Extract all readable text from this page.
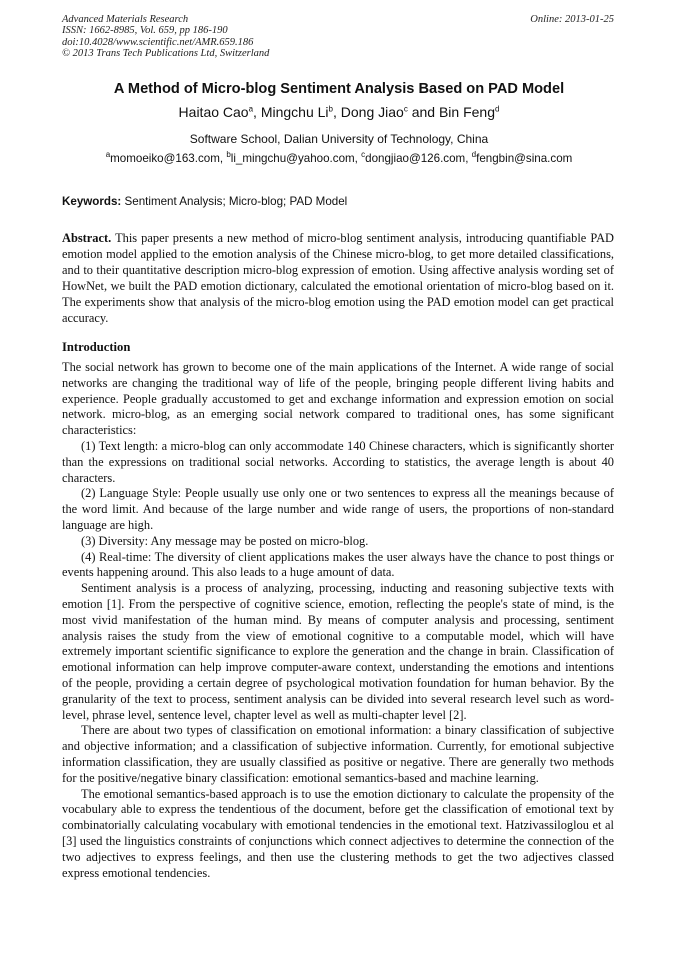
Advanced Materials Research
ISSN: 1662-8985, Vol. 659, pp 186-190
doi:10.4028/www.scientific.net/AMR.659.186
© 2013 Trans Tech Publications Ltd, Switzerland
Online: 2013-01-25
A Method of Micro-blog Sentiment Analysis Based on PAD Model
Haitao Cao$^a$, Mingchu Li$^b$, Dong Jiao$^c$ and Bin Feng$^d$
Software School, Dalian University of Technology, China
$^a$momoeiko@163.com, $^b$li_mingchu@yahoo.com, $^c$dongjiao@126.com, $^d$fengbin@sina.com
Keywords: Sentiment Analysis; Micro-blog; PAD Model
Abstract. This paper presents a new method of micro-blog sentiment analysis, introducing quantifiable PAD emotion model applied to the emotion analysis of the Chinese micro-blog, to get more detailed classifications, and to their quantitative description micro-blog expression of emotion. Using affective analysis wording set of HowNet, we built the PAD emotion dictionary, calculated the emotional orientation of micro-blog based on it. The experiments show that analysis of the micro-blog emotion using the PAD emotion model can get practical accuracy.
Introduction

The social network has grown to become one of the main applications of the Internet. A wide range of social networks are changing the traditional way of life of the people, bringing people different living habits and experience. People gradually accustomed to get and exchange information and expression emotion on social network. micro-blog, as an emerging social network compared to traditional ones, has some significant characteristics:

(1) Text length: a micro-blog can only accommodate 140 Chinese characters, which is significantly shorter than the expressions on traditional social networks. According to statistics, the average length is about 40 characters.

(2) Language Style: People usually use only one or two sentences to express all the meanings because of the word limit. And because of the large number and wide range of users, the proportions of non-standard language are high.

(3) Diversity: Any message may be posted on micro-blog.

(4) Real-time: The diversity of client applications makes the user always have the chance to post things or events happening around. This also leads to a huge amount of data.

Sentiment analysis is a process of analyzing, processing, inducting and reasoning subjective texts with emotion [1]. From the perspective of cognitive science, emotion, reflecting the people's state of mind, is the most vivid manifestation of the human mind. By means of computer analysis and processing, sentiment analysis raises the study from the view of emotional cognitive to a computable model, which will have extremely important scientific significance to explore the generation and the change in brain. Classification of emotional information can help improve computer-aware context, understanding the emotions and intentions of the people, providing a certain degree of psychological motivation foundation for human behavior. By the granularity of the text to process, sentiment analysis can be divided into several research level such as word-level, phrase level, sentence level, chapter level as well as multi-chapter level [2].

There are about two types of classification on emotional information: a binary classification of subjective and objective information; and a classification of subjective information. Currently, for emotional subjective information classification, they are usually classified as positive or negative. There are generally two methods for the positive/negative binary classification: emotional semantics-based and machine learning.

The emotional semantics-based approach is to use the emotion dictionary to calculate the propensity of the vocabulary able to express the tendentious of the document, before get the classification of emotional text by combinatorially calculating vocabulary with emotional tendencies in the emotional text. Hatzivassiloglou et al [3] used the linguistics constraints of conjunctions which connect adjectives to determine the connection of the two adjectives to express feelings, and then use the clustering methods to get the two adjectives classed express emotional tendencies.
